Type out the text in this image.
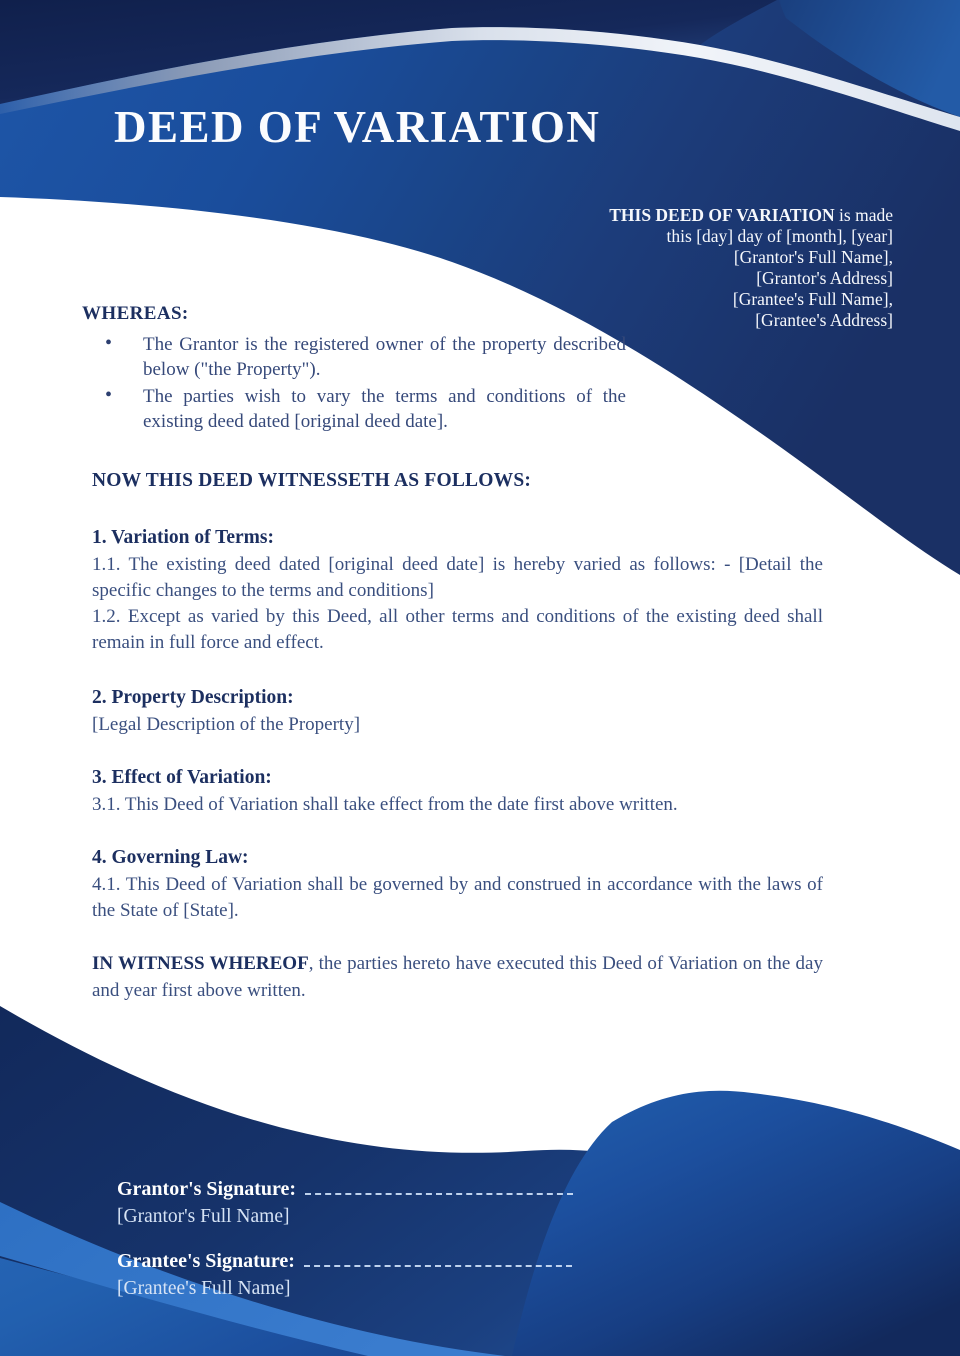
DEED OF VARIATION
THIS DEED OF VARIATION is made
this [day] day of [month], [year]
[Grantor's Full Name],
[Grantor's Address]
[Grantee's Full Name],
[Grantee's Address]
WHEREAS:
• The Grantor is the registered owner of the property described below ("the Property").
• The parties wish to vary the terms and conditions of the existing deed dated [original deed date].
NOW THIS DEED WITNESSETH AS FOLLOWS:

1. Variation of Terms:

1.1. The existing deed dated [original deed date] is hereby varied as follows: - [Detail the specific changes to the terms and conditions]

1.2. Except as varied by this Deed, all other terms and conditions of the existing deed shall remain in full force and effect.

2. Property Description:

[Legal Description of the Property]

3. Effect of Variation:

3.1. This Deed of Variation shall take effect from the date first above written.

4. Governing Law:

4.1. This Deed of Variation shall be governed by and construed in accordance with the laws of the State of [State].

IN WITNESS WHEREOF, the parties hereto have executed this Deed of Variation on the day and year first above written.
Grantor's Signature:
[Grantor's Full Name]
Grantee's Signature:
[Grantee's Full Name]
